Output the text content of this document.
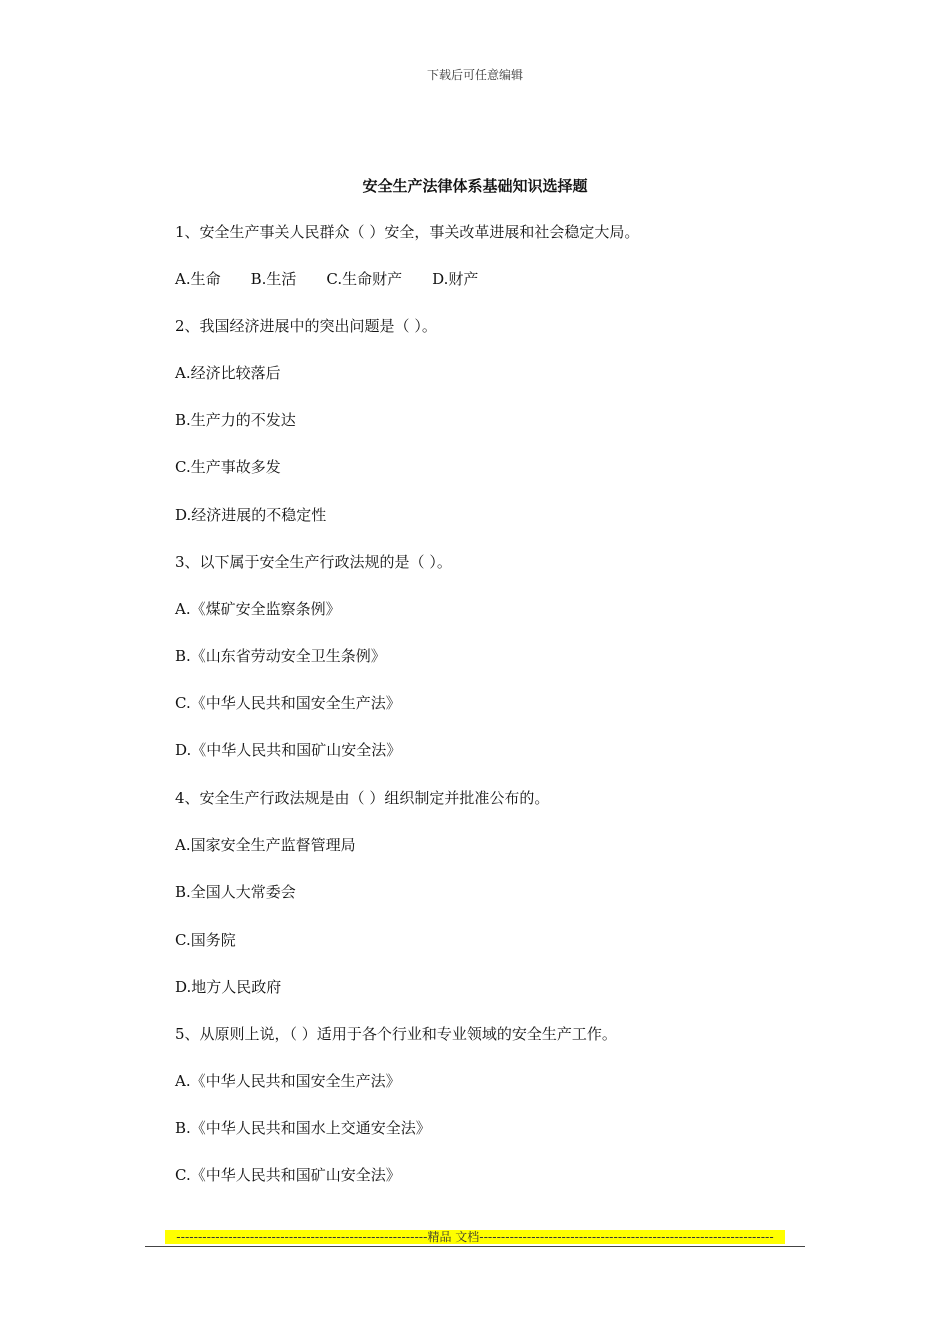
下载后可任意编辑
安全生产法律体系基础知识选择题
1、安全生产事关人民群众（ ）安全，事关改革进展和社会稳定大局。
A.生命 B.生活 C.生命财产 D.财产
2、我国经济进展中的突出问题是（ ）。
A.经济比较落后
B.生产力的不发达
C.生产事故多发
D.经济进展的不稳定性
3、以下属于安全生产行政法规的是（ ）。
A.《煤矿安全监察条例》
B.《山东省劳动安全卫生条例》
C.《中华人民共和国安全生产法》
D.《中华人民共和国矿山安全法》
4、安全生产行政法规是由（ ）组织制定并批准公布的。
A.国家安全生产监督管理局
B.全国人大常委会
C.国务院
D.地方人民政府
5、从原则上说，（ ）适用于各个行业和专业领域的安全生产工作。
A.《中华人民共和国安全生产法》
B.《中华人民共和国水上交通安全法》
C.《中华人民共和国矿山安全法》
----------------------------------------------------------精品 文档--------------------------------------------------------------------
